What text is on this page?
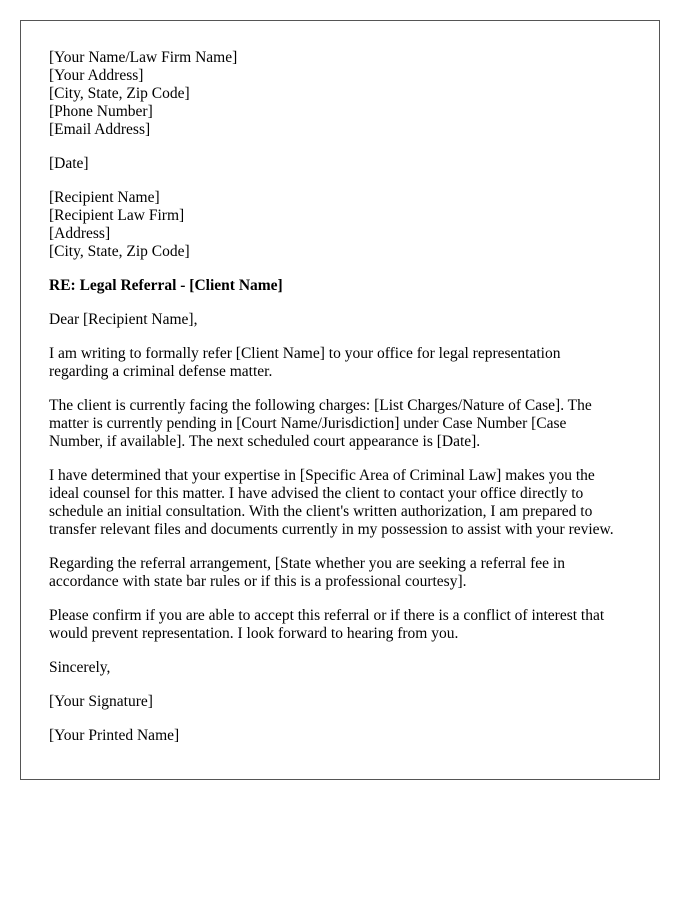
[Your Name/Law Firm Name]
[Your Address]
[City, State, Zip Code]
[Phone Number]
[Email Address]
[Date]
[Recipient Name]
[Recipient Law Firm]
[Address]
[City, State, Zip Code]
RE: Legal Referral - [Client Name]
Dear [Recipient Name],
I am writing to formally refer [Client Name] to your office for legal representation
regarding a criminal defense matter.
The client is currently facing the following charges: [List Charges/Nature of Case]. The
matter is currently pending in [Court Name/Jurisdiction] under Case Number [Case
Number, if available]. The next scheduled court appearance is [Date].
I have determined that your expertise in [Specific Area of Criminal Law] makes you the
ideal counsel for this matter. I have advised the client to contact your office directly to
schedule an initial consultation. With the client's written authorization, I am prepared to
transfer relevant files and documents currently in my possession to assist with your review.
Regarding the referral arrangement, [State whether you are seeking a referral fee in
accordance with state bar rules or if this is a professional courtesy].
Please confirm if you are able to accept this referral or if there is a conflict of interest that
would prevent representation. I look forward to hearing from you.
Sincerely,
[Your Signature]
[Your Printed Name]
